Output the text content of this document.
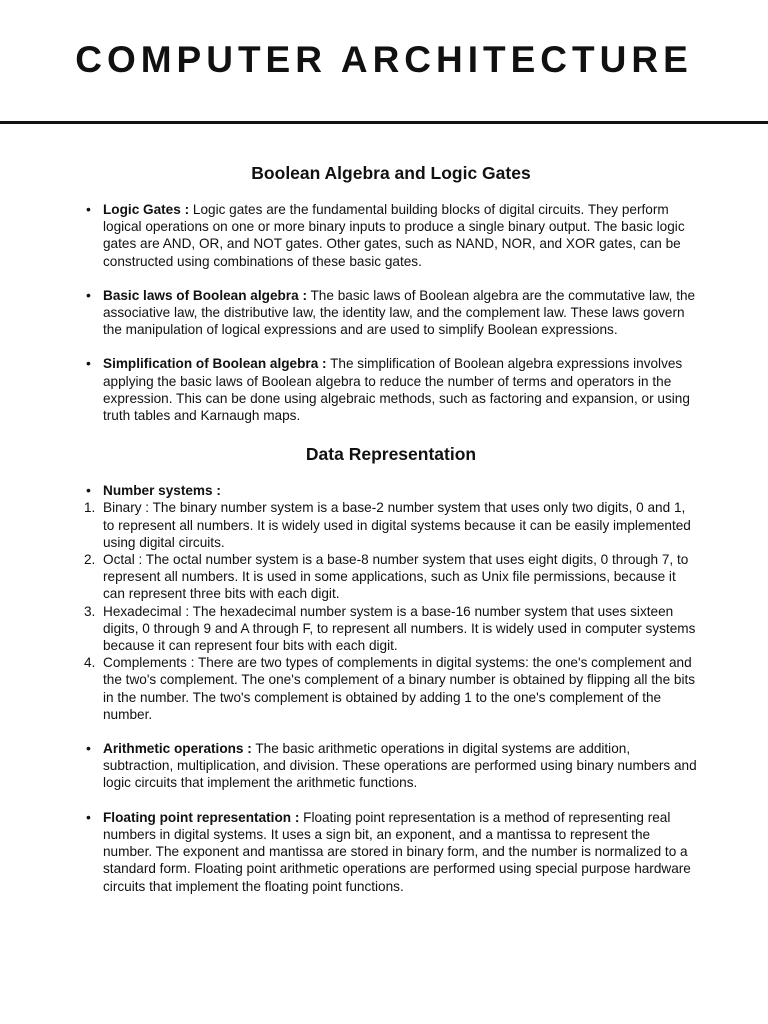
COMPUTER ARCHITECTURE
Boolean Algebra and Logic Gates
• Logic Gates : Logic gates are the fundamental building blocks of digital circuits. They perform logical operations on one or more binary inputs to produce a single binary output. The basic logic gates are AND, OR, and NOT gates. Other gates, such as NAND, NOR, and XOR gates, can be constructed using combinations of these basic gates.
• Basic laws of Boolean algebra : The basic laws of Boolean algebra are the commutative law, the associative law, the distributive law, the identity law, and the complement law. These laws govern the manipulation of logical expressions and are used to simplify Boolean expressions.
• Simplification of Boolean algebra : The simplification of Boolean algebra expressions involves applying the basic laws of Boolean algebra to reduce the number of terms and operators in the expression. This can be done using algebraic methods, such as factoring and expansion, or using truth tables and Karnaugh maps.
Data Representation
• Number systems :
1. Binary : The binary number system is a base-2 number system that uses only two digits, 0 and 1, to represent all numbers. It is widely used in digital systems because it can be easily implemented using digital circuits.
2. Octal : The octal number system is a base-8 number system that uses eight digits, 0 through 7, to represent all numbers. It is used in some applications, such as Unix file permissions, because it can represent three bits with each digit.
3. Hexadecimal : The hexadecimal number system is a base-16 number system that uses sixteen digits, 0 through 9 and A through F, to represent all numbers. It is widely used in computer systems because it can represent four bits with each digit.
4. Complements : There are two types of complements in digital systems: the one's complement and the two's complement. The one's complement of a binary number is obtained by flipping all the bits in the number. The two's complement is obtained by adding 1 to the one's complement of the number.
• Arithmetic operations : The basic arithmetic operations in digital systems are addition, subtraction, multiplication, and division. These operations are performed using binary numbers and logic circuits that implement the arithmetic functions.
• Floating point representation : Floating point representation is a method of representing real numbers in digital systems. It uses a sign bit, an exponent, and a mantissa to represent the number. The exponent and mantissa are stored in binary form, and the number is normalized to a standard form. Floating point arithmetic operations are performed using special purpose hardware circuits that implement the floating point functions.
